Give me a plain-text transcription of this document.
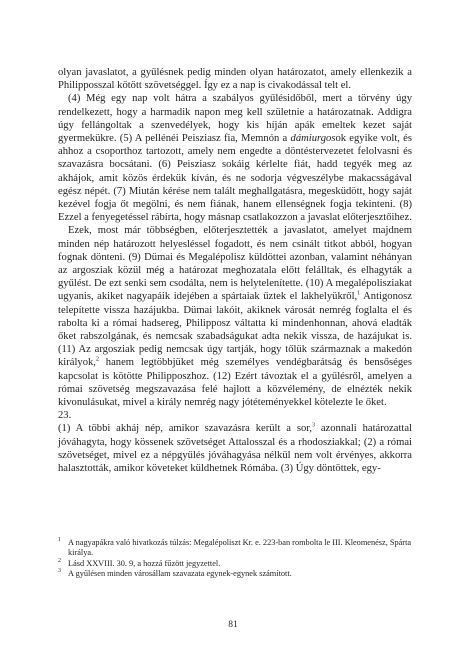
olyan javaslatot, a gyűlésnek pedig minden olyan határozatot, amely ellenkezik a Philipposszal kötött szövetséggel. Így ez a nap is civakodással telt el.

(4) Még egy nap volt hátra a szabályos gyűlésidőből, mert a törvény úgy rendelkezett, hogy a harmadik napon meg kell születnie a határozatnak. Addigra úgy fellángoltak a szenvedélyek, hogy kis híján apák emeltek kezet saját gyermekükre. (5) A pellénéi Peisziasz fia, Memnón a dámiurgosok egyike volt, és ahhoz a csoporthoz tartozott, amely nem engedte a döntéstervezetet felolvasni és szavazásra bocsátani. (6) Peisziasz sokáig kérlelte fiát, hadd tegyék meg az akhájok, amit közös érdekük kíván, és ne sodorja végveszélybe makacsságával egész népét. (7) Miután kérése nem talált meghallgatásra, megesküdött, hogy saját kezével fogja őt megölni, és nem fiának, hanem ellenségnek fogja tekinteni. (8) Ezzel a fenyegetéssel rábírta, hogy másnap csatlakozzon a javaslat előterjesztőihez.

Ezek, most már többségben, előterjesztették a javaslatot, amelyet majdnem minden nép határozott helyesléssel fogadott, és nem csinált titkot abból, hogyan fognak dönteni. (9) Dümai és Megalépolisz küldöttei azonban, valamint néhányan az argosziak közül még a határozat meghozatala előtt felálltak, és elhagyták a gyűlést. De ezt senki sem csodálta, nem is helytelenítette. (10) A megalépolisziakat ugyanis, akiket nagyapáik idejében a spártaiak űztek el lakhelyükről,$^1$ Antigonosz telepítette vissza hazájukba. Dümai lakóit, akiknek városát nemrég foglalta el és rabolta ki a római hadsereg, Philipposz váltatta ki mindenhonnan, ahová eladták őket rabszolgának, és nemcsak szabadságukat adta nekik vissza, de hazájukat is. (11) Az argosziak pedig nemcsak úgy tartják, hogy tőlük származnak a makedón királyok,$^2$ hanem legtöbbjüket még személyes vendégbarátság és bensőséges kapcsolat is kötötte Philipposzhoz. (12) Ezért távoztak el a gyűlésről, amelyen a római szövetség megszavazása felé hajlott a közvélemény, de elnézték nekik kivonulásukat, mivel a király nemrég nagy jótéteményekkel kötelezte le őket.

23.

(1) A többi akháj nép, amikor szavazásra került a sor,$^3$ azonnali határozattal jóváhagyta, hogy kössenek szövetséget Attalosszal és a rhodosziakkal; (2) a római szövetséget, mivel ez a népgyűlés jóváhagyása nélkül nem volt érvényes, akkorra halasztották, amikor követeket küldhetnek Rómába. (3) Úgy döntöttek, egy-

$^1$ A nagyapákra való hivatkozás túlzás: Megalépoliszt Kr. e. 223-ban rombolta le III. Kleomenész, Spárta királya.

$^2$ Lásd XXVIII. 30. 9, a hozzá fűzött jegyzettel.

$^3$ A gyűlésen minden városállam szavazata egynek-egynek számított.

81
